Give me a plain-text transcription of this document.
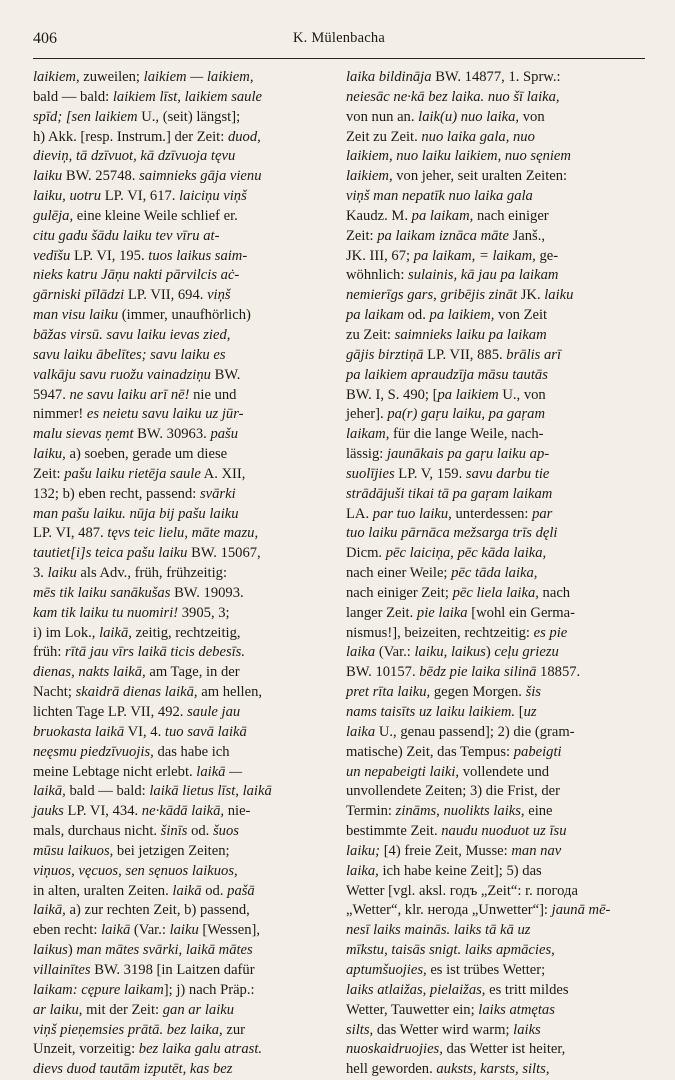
406	K. Mülenbacha
laikiem, zuweilen; laikiem — laikiem,
bald — bald: laikiem līst, laikiem saule
spīd; [sen laikiem U., (seit) längst];
h) Akk. [resp. Instrum.] der Zeit: duod,
dieviņ, tā dzīvuot, kā dzīvuoja tęvu
laiku BW. 25748. saimnieks gāja vienu
laiku, uotru LP. VI, 617. laiciņu viņš
gulēja, eine kleine Weile schlief er.
citu gadu šādu laiku tev vīru at-
vedīšu LP. VI, 195. tuos laikus saim-
nieks katru Jāņu nakti pārvilcis aċ-
gārniski pīlādzi LP. VII, 694. viņš
man visu laiku (immer, unaufhörlich)
bāžas virsū. savu laiku ievas zied,
savu laiku ābelītes; savu laiku es
valkāju savu ruožu vainadziņu BW.
5947. ne savu laiku arī nē! nie und
nimmer! es neietu savu laiku uz jūr-
malu sievas ņemt BW. 30963. pašu
laiku, a) soeben, gerade um diese
Zeit: pašu laiku rietēja saule A. XII,
132; b) eben recht, passend: svārki
man pašu laiku. nūja bij pašu laiku
LP. VI, 487. tęvs teic lielu, māte mazu,
tautiet[i]s teica pašu laiku BW. 15067,
3. laiku als Adv., früh, frühzeitig:
mēs tik laiku sanākušas BW. 19093.
kam tik laiku tu nuomiri! 3905, 3;
i) im Lok., laikā, zeitig, rechtzeitig,
früh: rītā jau vīrs laikā ticis debesīs.
dienas, nakts laikā, am Tage, in der
Nacht; skaidrā dienas laikā, am hellen,
lichten Tage LP. VII, 492. saule jau
bruokasta laikā VI, 4. tuo savā laikā
neęsmu piedzīvuojis, das habe ich
meine Lebtage nicht erlebt. laikā —
laikā, bald — bald: laikā lietus līst, laikā
jauks LP. VI, 434. ne·kādā laikā, nie-
mals, durchaus nicht. šinīs od. šuos
mūsu laikuos, bei jetzigen Zeiten;
viņuos, vęcuos, sen sęnuos laikuos,
in alten, uralten Zeiten. laikā od. pašā
laikā, a) zur rechten Zeit, b) passend,
eben recht: laikā (Var.: laiku [Wessen],
laikus) man mātes svārki, laikā mātes
villainītes BW. 3198 [in Laitzen dafür
laikam: cępure laikam]; j) nach Präp.:
ar laiku, mit der Zeit: gan ar laiku
viņš pieņemsies prātā. bez laika, zur
Unzeit, vorzeitig: bez laika galu atrast.
dievs duod tautām izputēt, kas bez
laika bildināja BW. 14877, 1. Sprw.:
neiesāc ne·kā bez laika. nuo šī laika,
von nun an. laik(u) nuo laika, von
Zeit zu Zeit. nuo laika gala, nuo
laikiem, nuo laiku laikiem, nuo sęniem
laikiem, von jeher, seit uralten Zeiten:
viņš man nepatīk nuo laika gala
Kaudz. M. pa laikam, nach einiger
Zeit: pa laikam iznāca māte Janš.,
JK. III, 67; pa laikam, = laikam, ge-
wöhnlich: sulainis, kā jau pa laikam
nemierīgs gars, gribējis zināt JK. laiku
pa laikam od. pa laikiem, von Zeit
zu Zeit: saimnieks laiku pa laikam
gājis birztiņā LP. VII, 885. brālis arī
pa laikiem apraudzīja māsu tautās
BW. I, S. 490; [pa laikiem U., von
jeher]. pa(r) gaŗu laiku, pa gaŗam
laikam, für die lange Weile, nach-
lässig: jaunākais pa gaŗu laiku ap-
suolījies LP. V, 159. savu darbu tie
strādājuši tikai tā pa gaŗam laikam
LA. par tuo laiku, unterdessen: par
tuo laiku pārnāca mežsarga trīs dęli
Dicm. pēc laiciņa, pēc kāda laika,
nach einer Weile; pēc tāda laika,
nach einiger Zeit; pēc liela laika, nach
langer Zeit. pie laika [wohl ein Germa-
nismus!], beizeiten, rechtzeitig: es pie
laika (Var.: laiku, laikus) ceļu griezu
BW. 10157. bēdz pie laika silinā 18857.
pret rīta laiku, gegen Morgen. šis
nams taisīts uz laiku laikiem. [uz
laika U., genau passend]; 2) die (gram-
matische) Zeit, das Tempus: pabeigti
un nepabeigti laiki, vollendete und
unvollendete Zeiten; 3) die Frist, der
Termin: zināms, nuolikts laiks, eine
bestimmte Zeit. naudu nuoduot uz īsu
laiku; [4) freie Zeit, Musse: man nav
laika, ich habe keine Zeit]; 5) das
Wetter [vgl. aksl. годъ „Zeit“: r. погода
„Wetter“, klr. негода „Unwetter“]: jaunā mē-
nesī laiks mainās. laiks tā kā uz
mīkstu, taisās snigt. laiks apmācies,
aptumšuojies, es ist trübes Wetter;
laiks atlaižas, pielaižas, es tritt mildes
Wetter, Tauwetter ein; laiks atmętas
silts, das Wetter wird warm; laiks
nuoskaidruojies, das Wetter ist heiter,
hell geworden. auksts, karsts, silts,
